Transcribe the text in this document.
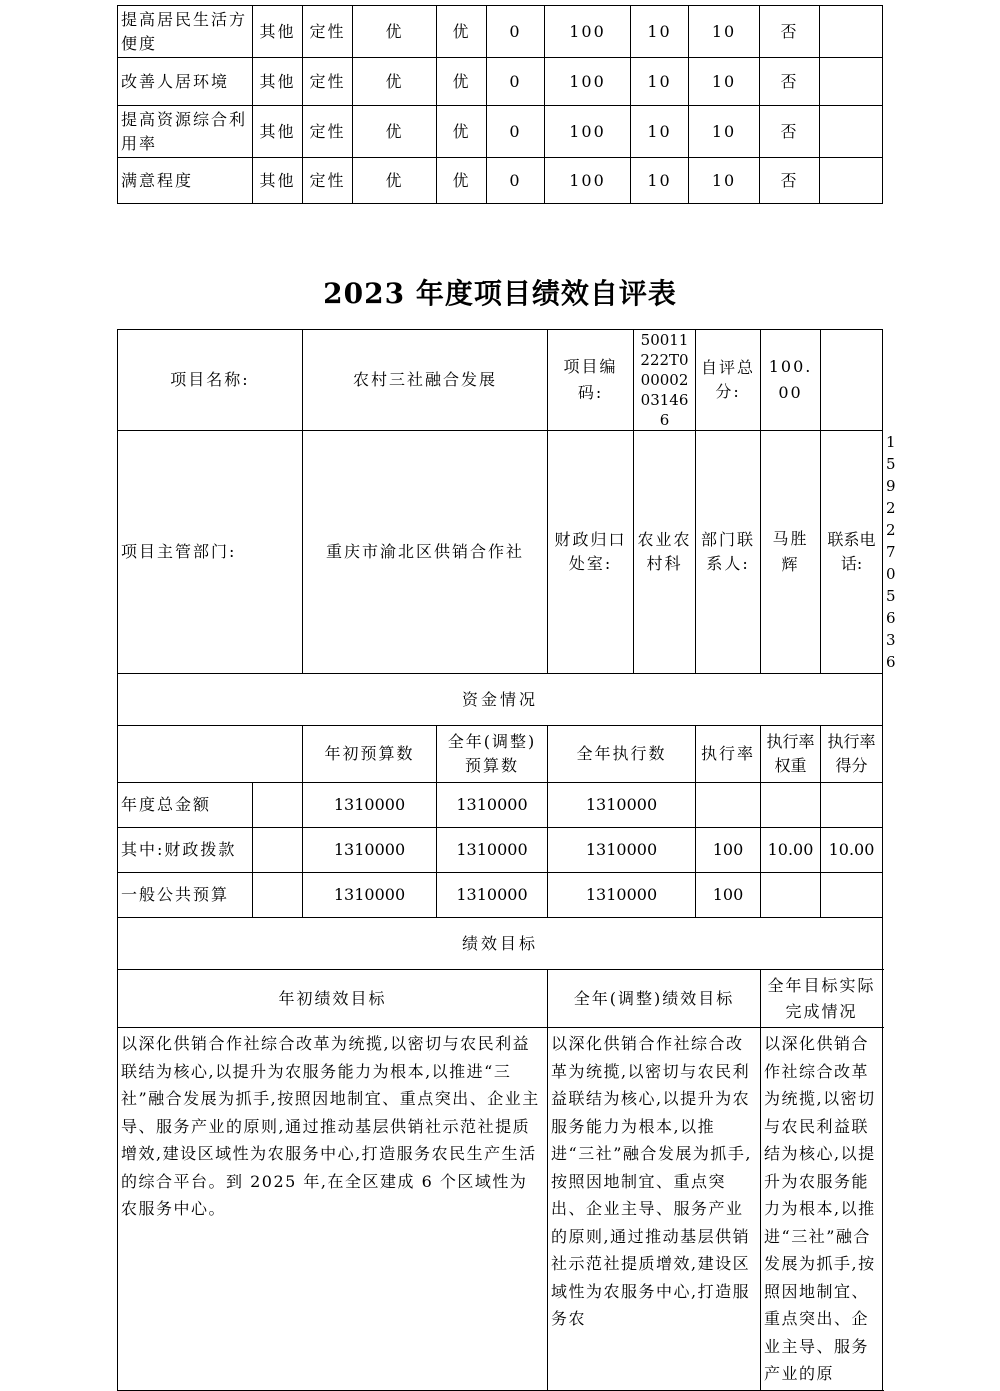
提高居民生活方便度	其他	定性	优	优	0	100	10	10	否	
改善人居环境	其他	定性	优	优	0	100	10	10	否	
提高资源综合利用率	其他	定性	优	优	0	100	10	10	否	
满意程度	其他	定性	优	优	0	100	10	10	否	
2023 年度项目绩效自评表
项目名称:		农村三社融合发展		项目编码:	50011222T000002031466	自评总分:	100.00		
项目主管部门:		重庆市渝北区供销合作社		财政归口处室:	农业农村科	部门联系人:	马胜辉	联系电话:	15922705636
资金情况									
		年初预算数	全年(调整)预算数	全年执行数		执行率	执行率权重	执行率得分	
年度总金额		1310000	1310000	1310000					
其中:财政拨款		1310000	1310000	1310000		100	10.00	10.00	
一般公共预算		1310000	1310000	1310000		100			
绩效目标									
年初绩效目标				全年(调整)绩效目标			全年目标实际完成情况		

以深化供销合作社综合改革为统揽,以密切与农民利益联结为核心,以提升为农服务能力为根本,以推进“三社”融合发展为抓手,按照因地制宜、重点突出、企业主导、服务产业的原则,通过推动基层供销社示范社提质增效,建设区域性为农服务中心,打造服务农民生产生活的综合平台。到 2025 年,在全区建成 6 个区域性为农服务中心。				以深化供销合作社综合改革为统揽,以密切与农民利益联结为核心,以提升为农服务能力为根本,以推进“三社”融合发展为抓手,按照因地制宜、重点突出、企业主导、服务产业的原则,通过推动基层供销社示范社提质增效,建设区域性为农服务中心,打造服务农			以深化供销合作社综合改革为统揽,以密切与农民利益联结为核心,以提升为农服务能力为根本,以推进“三社”融合发展为抓手,按照因地制宜、重点突出、企业主导、服务产业的原		
